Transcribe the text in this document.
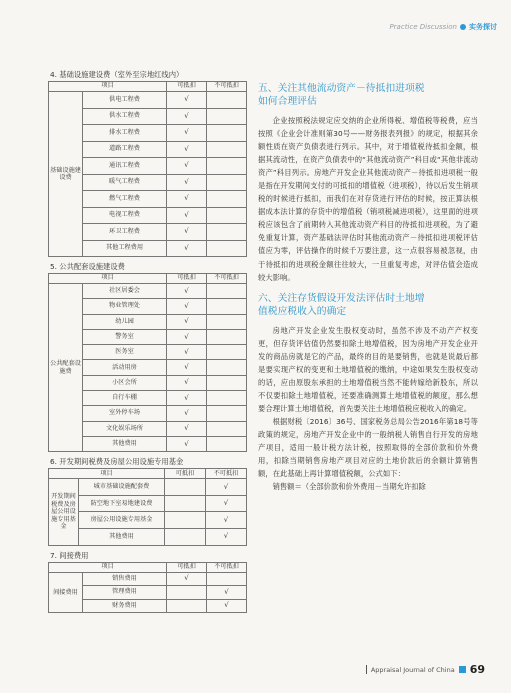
Practice Discussion 实务探讨
4. 基础设施建设费（室外至宗地红线内）
项目		可抵扣	不可抵扣
基础设施建设费	供电工程费	√	
	供水工程费	√	
	排水工程费	√	
	道路工程费	√	
	通讯工程费	√	
	暖气工程费	√	
	燃气工程费	√	
	电视工程费	√	
	环卫工程费	√	
	其他工程费用	√	
5. 公共配套设施建设费
项目		可抵扣	不可抵扣
公共配套设施费	社区居委会	√	
	物业管理处	√	
	幼儿园	√	
	警务室	√	
	医务室	√	
	活动用房	√	
	小区会所	√	
	自行车棚	√	
	室外停车场	√	
	文化娱乐场所	√	
	其他费用	√	
6. 开发期间税费及房屋公用设施专用基金
项目		可抵扣	不可抵扣
开发期间税费及房屋公用设施专用基金	城市基础设施配套费		√
	防空地下室易地建设费		√
	房屋公用设施专用基金		√
	其他费用		√
7. 间接费用
项目		可抵扣	不可抵扣
间接费用	销售费用	√	
	管理费用		√
	财务费用		√
五、关注其他流动资产－待抵扣进项税
如何合理评估

企业按照税法规定应交纳的企业所得税、增值税等税费，应当按照《企业会计准则第30号——财务报表列报》的规定，根据其余额性质在资产负债表进行列示。其中，对于增值税待抵扣金额，根据其流动性，在资产负债表中的“其他流动资产”科目或“其他非流动资产”科目列示。房地产开发企业其他流动资产－待抵扣进项税一般是指在开发期间支付的可抵扣的增值税（进项税），待以后发生销项税的时候进行抵扣，而我们在对存货进行评估的时候，按正算法根据成本法计算的存货中的增值税（销项税减进项税），这里面的进项税应该包含了前期转入其他流动资产科目的待抵扣进项税，为了避免重复计算，资产基础法评估时其他流动资产－待抵扣进项税评估值应为零，评估操作的时候千万要注意，这一点很容易被忽视，由于待抵扣的进项税金额往往较大，一旦重复考虑，对评估值会造成较大影响。

六、关注存货假设开发法评估时土地增
值税应税收入的确定

房地产开发企业发生股权变动时，虽然不涉及不动产产权变更，但存货评估值仍然要扣除土地增值税，因为房地产开发企业开发的商品房就是它的产品，最终的目的是要销售，也就是说最后都是要实现产权的变更和土地增值税的缴纳，中途如果发生股权变动的话，应由原股东承担的土地增值税当然不能转嫁给新股东，所以不仅要扣除土地增值税，还要准确测算土地增值税的额度，那么想要合理计算土地增值税，首先要关注土地增值税应税收入的确定。

根据财税〔2016〕36号、国家税务总局公告2016年第18号等政策的规定，房地产开发企业中的一般纳税人销售自行开发的房地产项目，适用一般计税方法计税，按照取得的全部价款和价外费用，扣除当期销售房地产项目对应的土地价款后的余额计算销售额，在此基础上再计算增值税额，公式如下：

销售额＝（全部价款和价外费用－当期允许扣除
Appraisal Journal of China 69
